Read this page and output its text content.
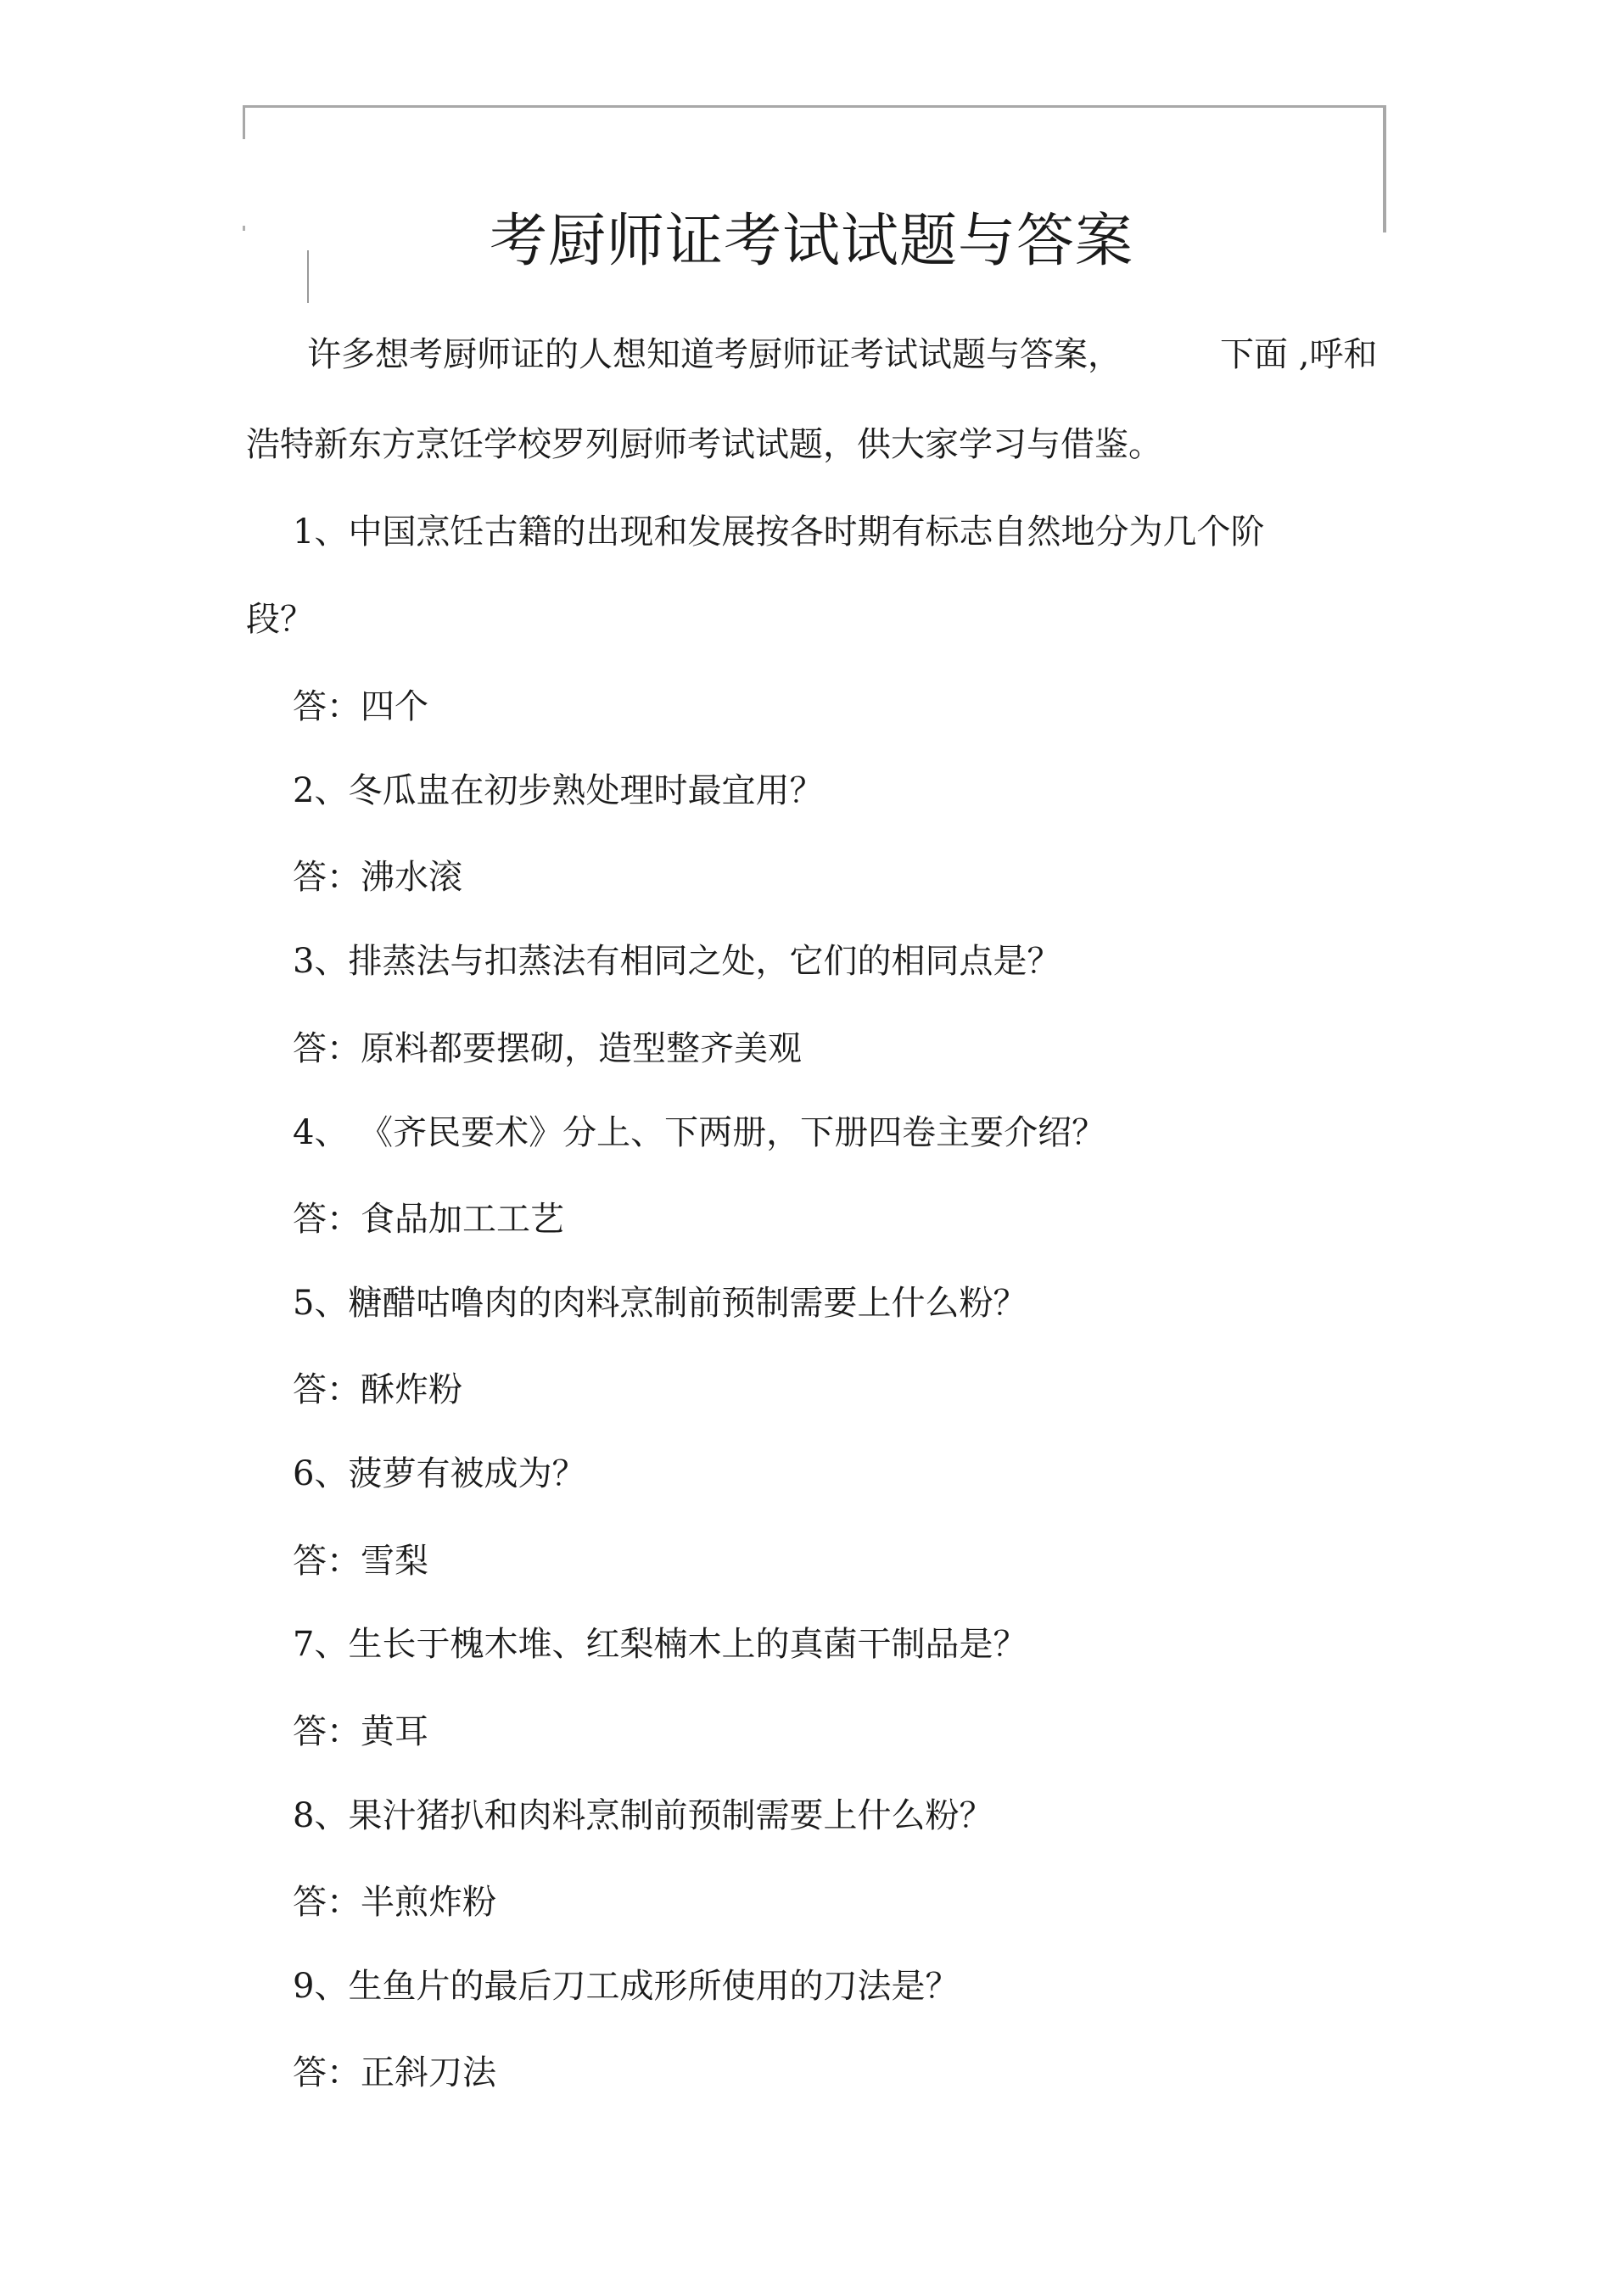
考厨师证考试试题与答案

许多想考厨师证的人想知道考厨师证考试试题与答案，	下面 ,呼和

浩特新东方烹饪学校罗列厨师考试试题，供大家学习与借鉴。

1、中国烹饪古籍的出现和发展按各时期有标志自然地分为几个阶

段？

答：四个

2、冬瓜盅在初步熟处理时最宜用？

答：沸水滚

3、排蒸法与扣蒸法有相同之处，它们的相同点是？

答：原料都要摆砌，造型整齐美观

4、 《齐民要术》分上、下两册，下册四卷主要介绍？

答：食品加工工艺

5、糖醋咕噜肉的肉料烹制前预制需要上什么粉？

答：酥炸粉

6、菠萝有被成为？

答：雪梨

7、生长于槐木堆、红梨楠木上的真菌干制品是？

答：黄耳

8、果汁猪扒和肉料烹制前预制需要上什么粉？

答：半煎炸粉

9、生鱼片的最后刀工成形所使用的刀法是？

答：正斜刀法
